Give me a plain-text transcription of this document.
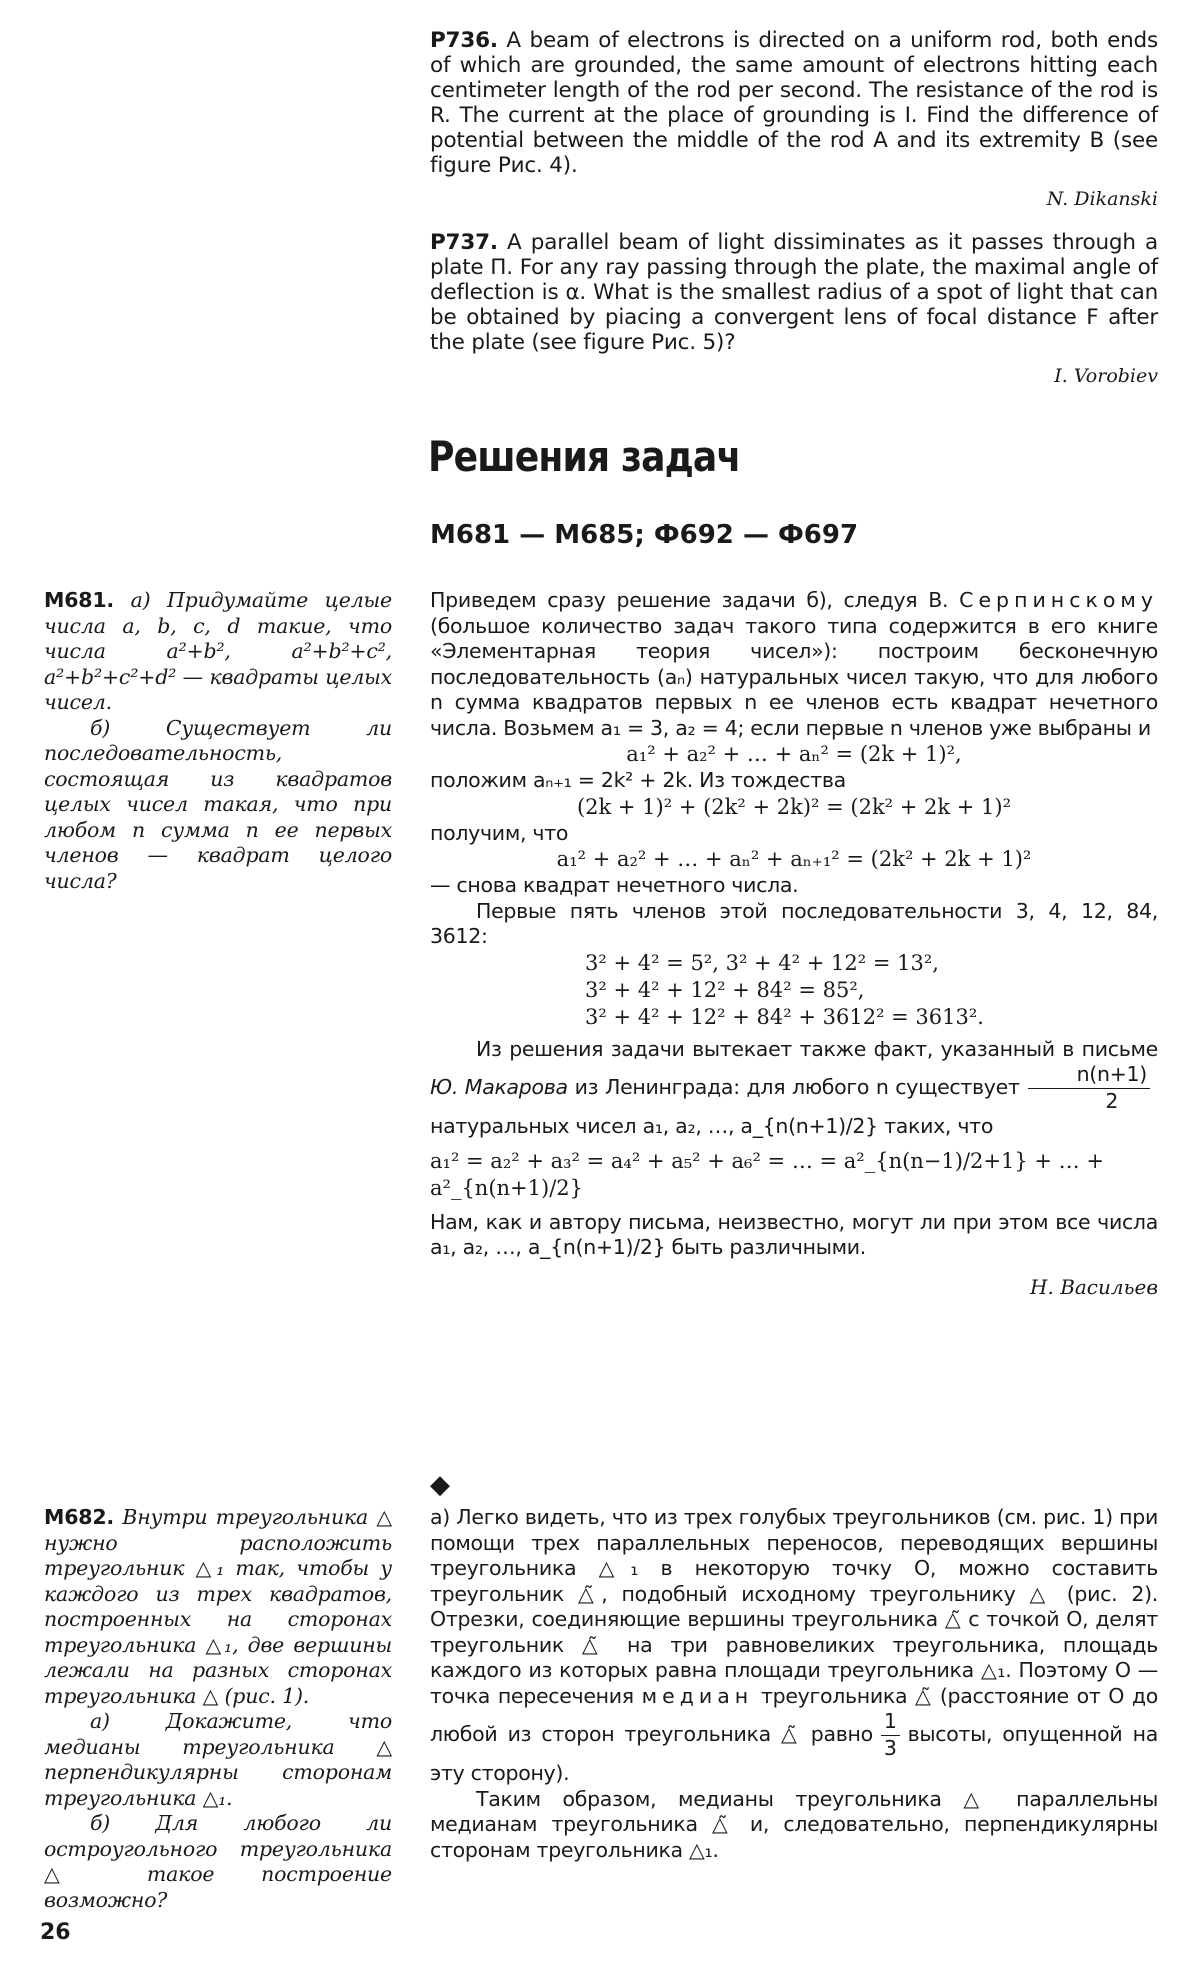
P736. A beam of electrons is directed on a uniform rod, both ends of which are grounded, the same amount of electrons hitting each centimeter length of the rod per second. The resistance of the rod is R. The current at the place of grounding is I. Find the difference of potential between the middle of the rod A and its extremity B (see figure Рис. 4).

N. Dikanski

P737. A parallel beam of light dissiminates as it passes through a plate П. For any ray passing through the plate, the maximal angle of deflection is α. What is the smallest radius of a spot of light that can be obtained by piacing a convergent lens of focal distance F after the plate (see figure Рис. 5)?

I. Vorobiev

Решения задач
M681 — M685; Ф692 — Ф697

M681. а) Придумайте целые числа a, b, c, d такие, что числа a²+b², a²+b²+c², a²+b²+c²+d² — квадраты целых чисел.

б) Существует ли последовательность, состоящая из квадратов целых чисел такая, что при любом n сумма n ее первых членов — квадрат целого числа?

Приведем сразу решение задачи б), следуя В. Серпинскому (большое количество задач такого типа содержится в его книге «Элементарная теория чисел»): построим бесконечную последовательность (aₙ) натуральных чисел такую, что для любого n сумма квадратов первых n ее членов есть квадрат нечетного числа. Возьмем a₁ = 3, a₂ = 4; если первые n членов уже выбраны и

a₁² + a₂² + … + aₙ² = (2k + 1)²,

положим aₙ₊₁ = 2k² + 2k. Из тождества

(2k + 1)² + (2k² + 2k)² = (2k² + 2k + 1)²

получим, что

a₁² + a₂² + … + aₙ² + aₙ₊₁² = (2k² + 2k + 1)²

— снова квадрат нечетного числа.

Первые пять членов этой последовательности 3, 4, 12, 84, 3612:

3² + 4² = 5², 3² + 4² + 12² = 13²,

3² + 4² + 12² + 84² = 85²,

3² + 4² + 12² + 84² + 3612² = 3613².

Из решения задачи вытекает также факт, указанный в письме Ю. Макарова из Ленинграда: для любого n существует $\frac{n(n+1)}{2}$
натуральных чисел a₁, a₂, …, a_{n(n+1)/2} таких, что

a₁² = a₂² + a₃² = a₄² + a₅² + a₆² = … = a²_{n(n−1)/2+1} + … + a²_{n(n+1)/2}

Нам, как и автору письма, неизвестно, могут ли при этом все числа a₁, a₂, …, a_{n(n+1)/2} быть различными.

Н. Васильев

◆

M682. Внутри треугольника △ нужно расположить треугольник △₁ так, чтобы у каждого из трех квадратов, построенных на сторонах треугольника △₁, две вершины лежали на разных сторонах треугольника △ (рис. 1).

а) Докажите, что медианы треугольника △ перпендикулярны сторонам треугольника △₁.

б) Для любого ли остроугольного треугольника △ такое построение возможно?

а) Легко видеть, что из трех голубых треугольников (см. рис. 1) при помощи трех параллельных переносов, переводящих вершины треугольника △₁ в некоторую точку O, можно составить треугольник △̃, подобный исходному треугольнику △ (рис. 2). Отрезки, соединяющие вершины треугольника △̃ с точкой O, делят треугольник △̃ на три равновеликих треугольника, площадь каждого из которых равна площади треугольника △₁. Поэтому O — точка пересечения медиан треугольника △̃ (расстояние от O до любой из сторон треугольника △̃ равно $\frac{1}{3}$ высоты, опущенной на эту сторону).

Таким образом, медианы треугольника △ параллельны медианам треугольника △̃ и, следовательно, перпендикулярны сторонам треугольника △₁.

26
